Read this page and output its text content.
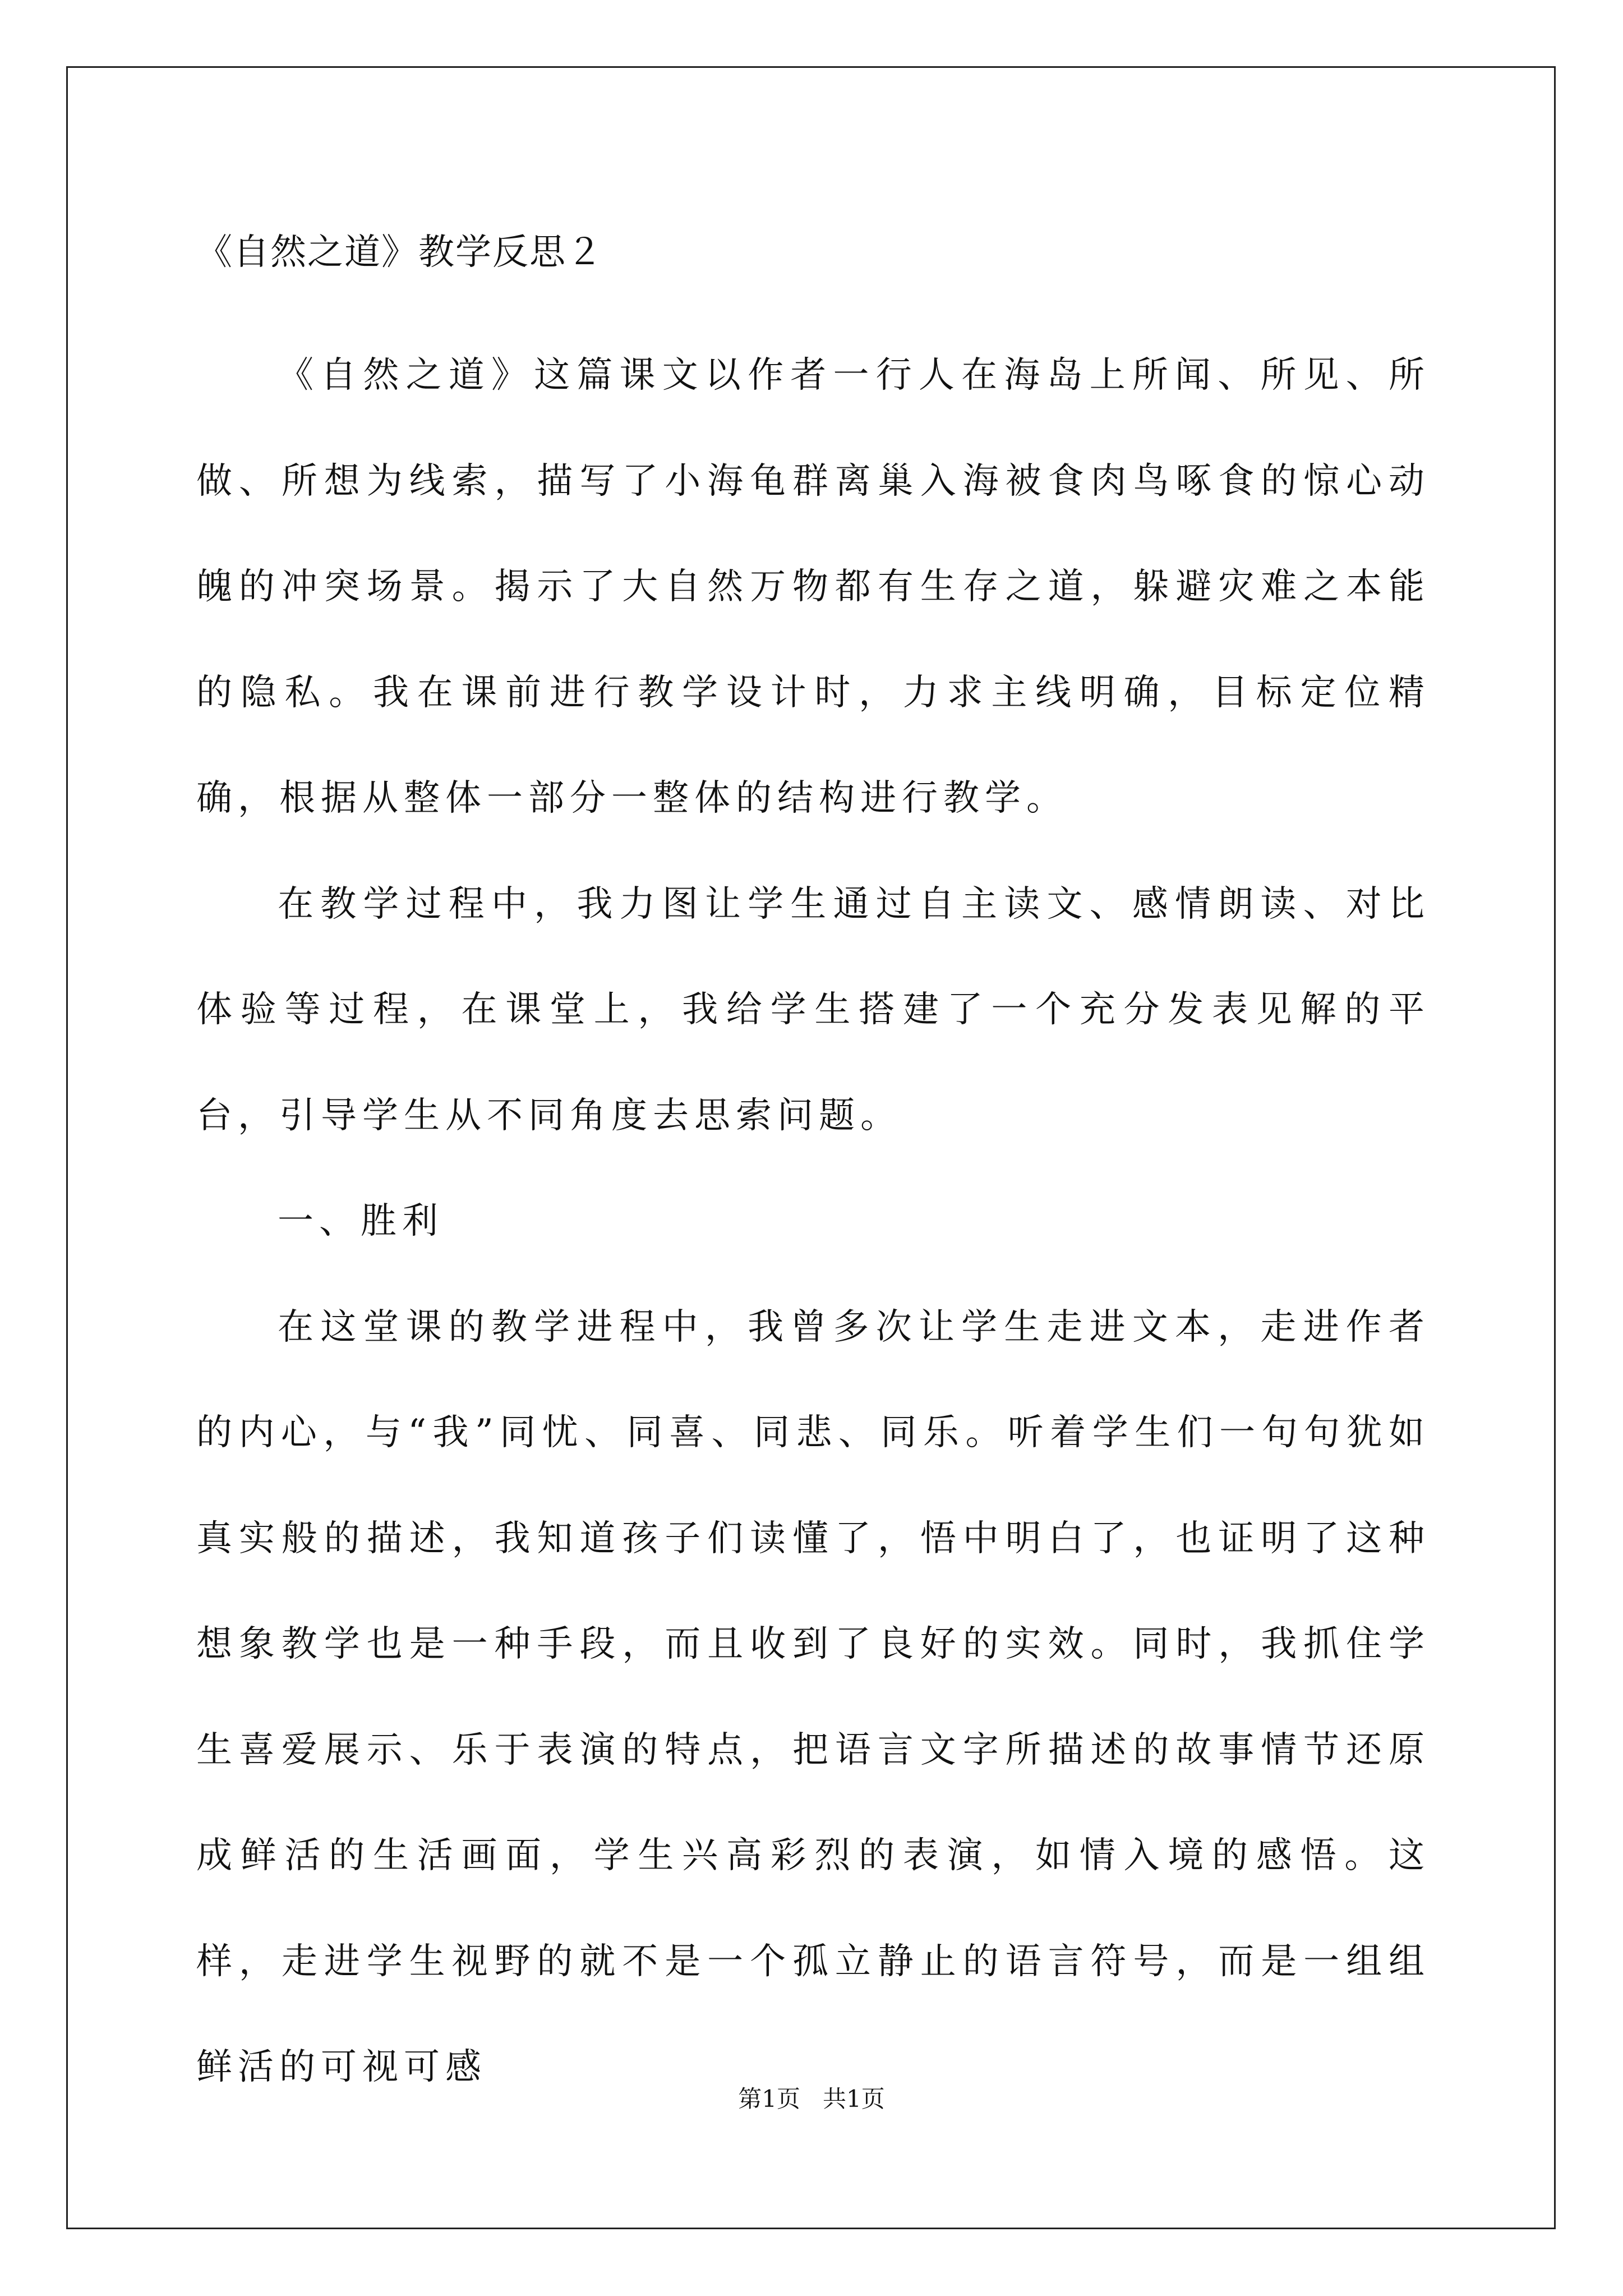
《自然之道》教学反思２

《自然之道》这篇课文以作者一行人在海岛上所闻、所见、所做、所想为线索，描写了小海龟群离巢入海被食肉鸟啄食的惊心动魄的冲突场景。揭示了大自然万物都有生存之道，躲避灾难之本能的隐私。我在课前进行教学设计时，力求主线明确，目标定位精确，根据从整体一部分一整体的结构进行教学。

在教学过程中，我力图让学生通过自主读文、感情朗读、对比体验等过程，在课堂上，我给学生搭建了一个充分发表见解的平台，引导学生从不同角度去思索问题。

一、胜利

在这堂课的教学进程中，我曾多次让学生走进文本，走进作者的内心，与“我”同忧、同喜、同悲、同乐。听着学生们一句句犹如真实般的描述，我知道孩子们读懂了，悟中明白了，也证明了这种想象教学也是一种手段，而且收到了良好的实效。同时，我抓住学生喜爱展示、乐于表演的特点，把语言文字所描述的故事情节还原成鲜活的生活画面，学生兴高彩烈的表演，如情入境的感悟。这样，走进学生视野的就不是一个孤立静止的语言符号，而是一组组鲜活的可视可感

第1页 共1页
